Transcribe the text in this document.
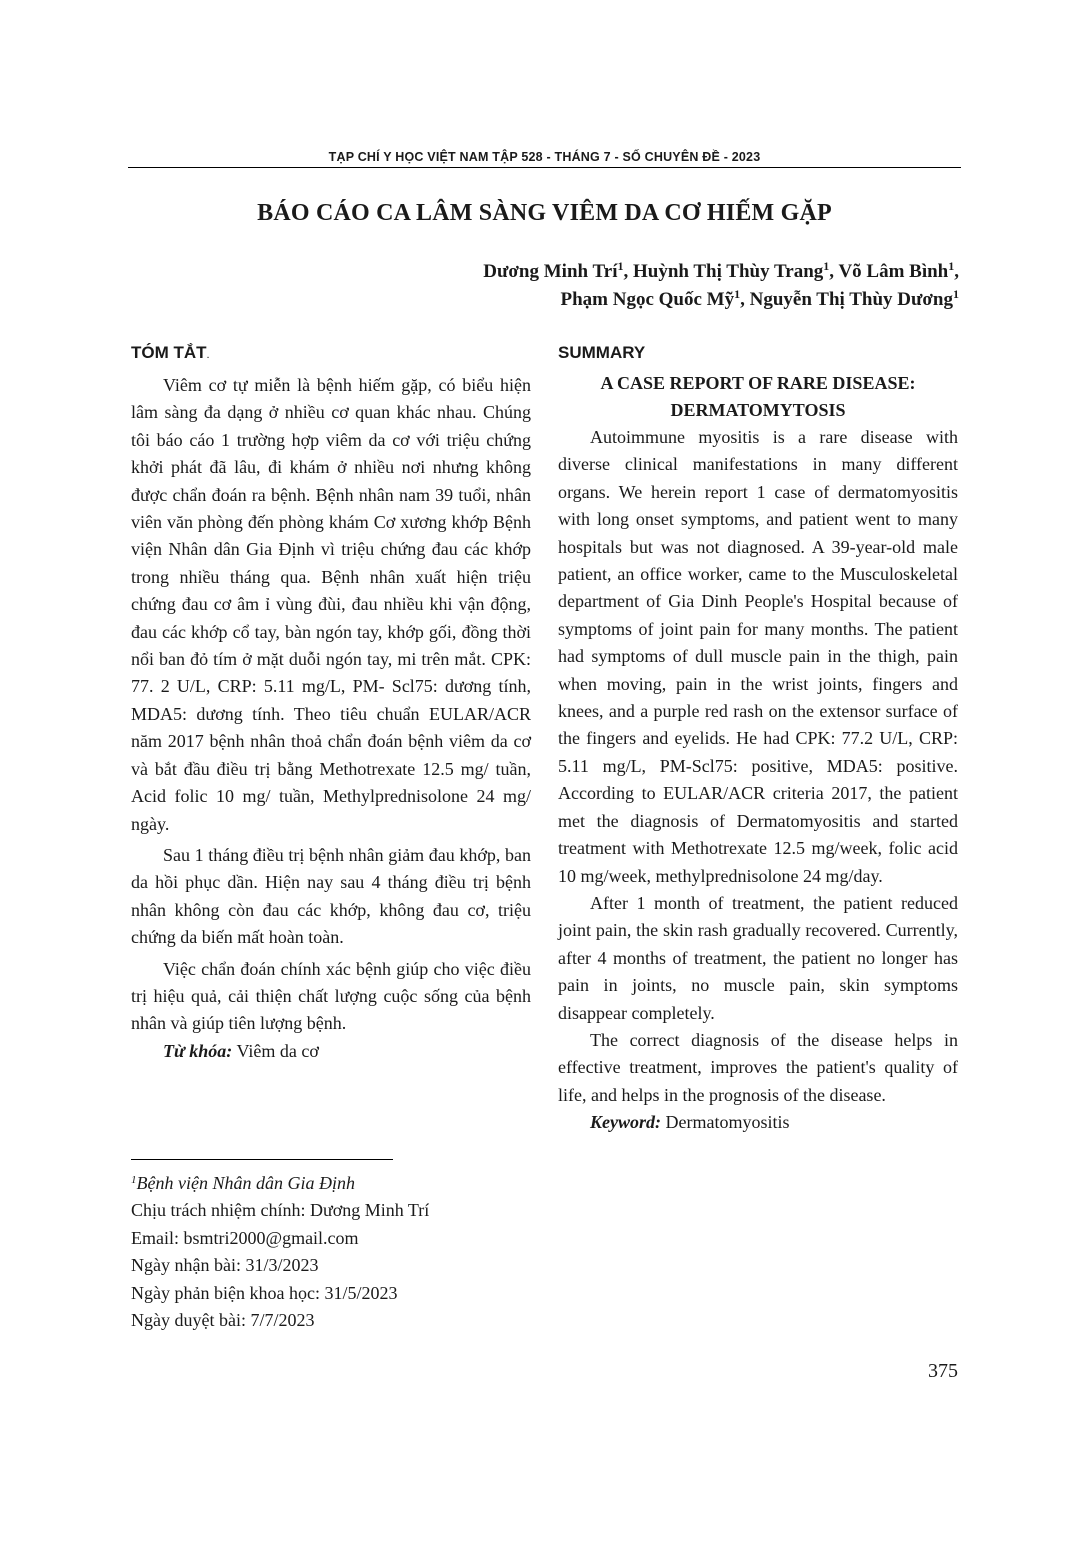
TẠP CHÍ Y HỌC VIỆT NAM TẬP 528 - THÁNG 7 - SỐ CHUYÊN ĐỀ - 2023
BÁO CÁO CA LÂM SÀNG VIÊM DA CƠ HIẾM GẶP
Dương Minh Trí$^1$, Huỳnh Thị Thùy Trang$^1$, Võ Lâm Bình$^1$,
Phạm Ngọc Quốc Mỹ$^1$, Nguyễn Thị Thùy Dương$^1$
TÓM TẮT.

Viêm cơ tự miễn là bệnh hiếm gặp, có biểu hiện lâm sàng đa dạng ở nhiều cơ quan khác nhau. Chúng tôi báo cáo 1 trường hợp viêm da cơ với triệu chứng khởi phát đã lâu, đi khám ở nhiều nơi nhưng không được chẩn đoán ra bệnh. Bệnh nhân nam 39 tuổi, nhân viên văn phòng đến phòng khám Cơ xương khớp Bệnh viện Nhân dân Gia Định vì triệu chứng đau các khớp trong nhiều tháng qua. Bệnh nhân xuất hiện triệu chứng đau cơ âm ỉ vùng đùi, đau nhiều khi vận động, đau các khớp cổ tay, bàn ngón tay, khớp gối, đồng thời nổi ban đỏ tím ở mặt duỗi ngón tay, mi trên mắt. CPK: 77. 2 U/L, CRP: 5.11 mg/L, PM- Scl75: dương tính, MDA5: dương tính. Theo tiêu chuẩn EULAR/ACR năm 2017 bệnh nhân thoả chẩn đoán bệnh viêm da cơ và bắt đầu điều trị bằng Methotrexate 12.5 mg/ tuần, Acid folic 10 mg/ tuần, Methylprednisolone 24 mg/ ngày.

Sau 1 tháng điều trị bệnh nhân giảm đau khớp, ban da hồi phục dần. Hiện nay sau 4 tháng điều trị bệnh nhân không còn đau các khớp, không đau cơ, triệu chứng da biến mất hoàn toàn.

Việc chẩn đoán chính xác bệnh giúp cho việc điều trị hiệu quả, cải thiện chất lượng cuộc sống của bệnh nhân và giúp tiên lượng bệnh.

Từ khóa: Viêm da cơ

SUMMARY
A CASE REPORT OF RARE DISEASE:
DERMATOMYTOSIS

Autoimmune myositis is a rare disease with diverse clinical manifestations in many different organs. We herein report 1 case of dermatomyositis with long onset symptoms, and patient went to many hospitals but was not diagnosed. A 39-year-old male patient, an office worker, came to the Musculoskeletal department of Gia Dinh People's Hospital because of symptoms of joint pain for many months. The patient had symptoms of dull muscle pain in the thigh, pain when moving, pain in the wrist joints, fingers and knees, and a purple red rash on the extensor surface of the fingers and eyelids. He had CPK: 77.2 U/L, CRP: 5.11 mg/L, PM-Scl75: positive, MDA5: positive. According to EULAR/ACR criteria 2017, the patient met the diagnosis of Dermatomyositis and started treatment with Methotrexate 12.5 mg/week, folic acid 10 mg/week, methylprednisolone 24 mg/day.

After 1 month of treatment, the patient reduced joint pain, the skin rash gradually recovered. Currently, after 4 months of treatment, the patient no longer has pain in joints, no muscle pain, skin symptoms disappear completely.

The correct diagnosis of the disease helps in effective treatment, improves the patient's quality of life, and helps in the prognosis of the disease.

Keyword: Dermatomyositis

$^1$Bệnh viện Nhân dân Gia Định
Chịu trách nhiệm chính: Dương Minh Trí
Email: bsmtri2000@gmail.com
Ngày nhận bài: 31/3/2023
Ngày phản biện khoa học: 31/5/2023
Ngày duyệt bài: 7/7/2023
375
